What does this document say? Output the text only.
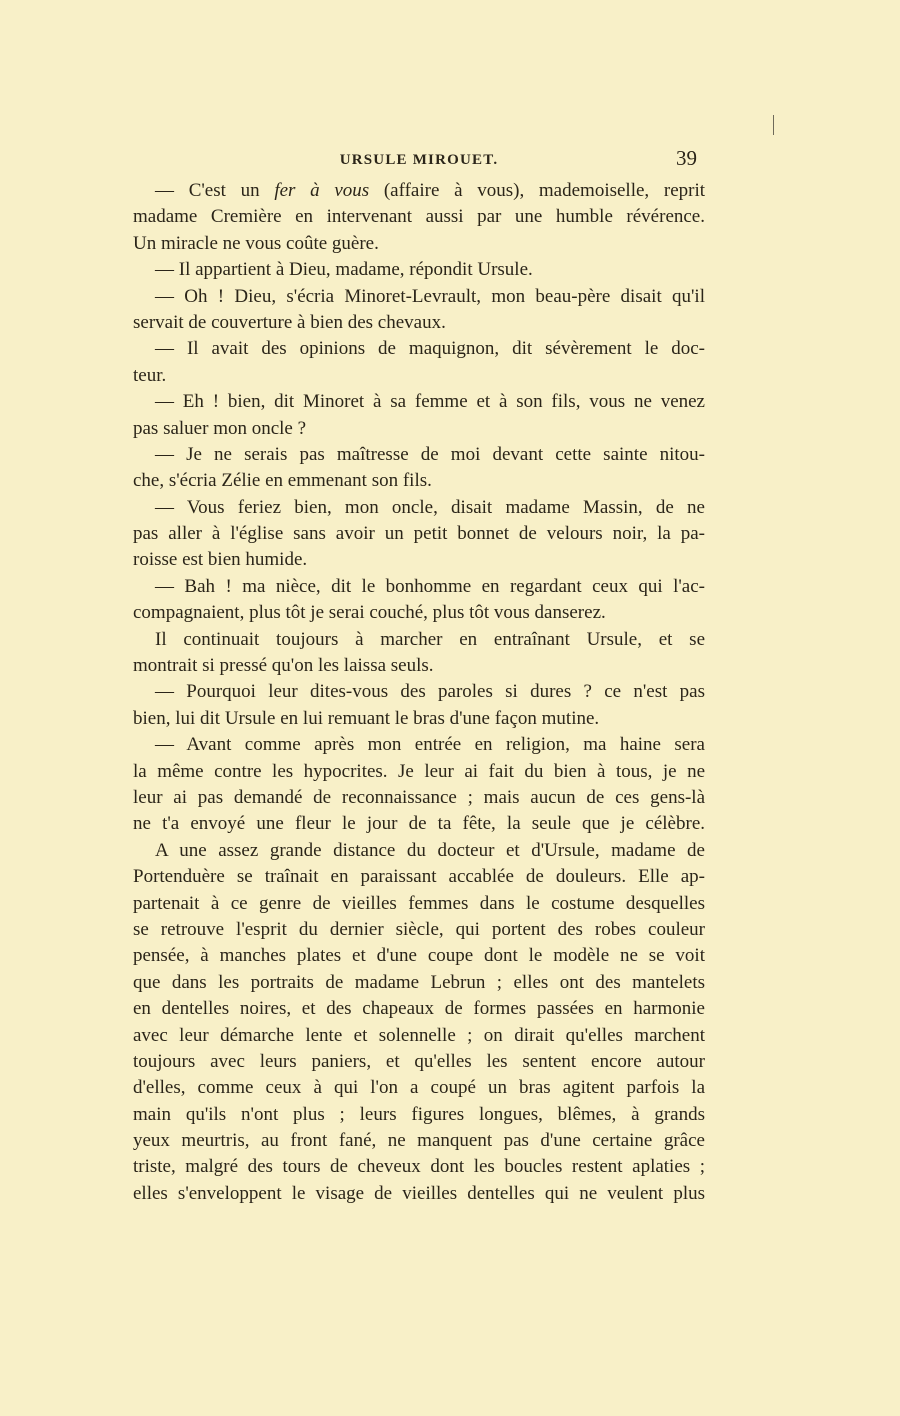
URSULE MIROUET.	39
— C'est un fer à vous (affaire à vous), mademoiselle, reprit
madame Cremière en intervenant aussi par une humble révérence.
Un miracle ne vous coûte guère.
— Il appartient à Dieu, madame, répondit Ursule.
— Oh ! Dieu, s'écria Minoret-Levrault, mon beau-père disait qu'il
servait de couverture à bien des chevaux.
— Il avait des opinions de maquignon, dit sévèrement le doc-
teur.
— Eh ! bien, dit Minoret à sa femme et à son fils, vous ne venez
pas saluer mon oncle ?
— Je ne serais pas maîtresse de moi devant cette sainte nitou-
che, s'écria Zélie en emmenant son fils.
— Vous feriez bien, mon oncle, disait madame Massin, de ne
pas aller à l'église sans avoir un petit bonnet de velours noir, la pa-
roisse est bien humide.
— Bah ! ma nièce, dit le bonhomme en regardant ceux qui l'ac-
compagnaient, plus tôt je serai couché, plus tôt vous danserez.
Il continuait toujours à marcher en entraînant Ursule, et se
montrait si pressé qu'on les laissa seuls.
— Pourquoi leur dites-vous des paroles si dures ? ce n'est pas
bien, lui dit Ursule en lui remuant le bras d'une façon mutine.
— Avant comme après mon entrée en religion, ma haine sera
la même contre les hypocrites. Je leur ai fait du bien à tous, je ne
leur ai pas demandé de reconnaissance ; mais aucun de ces gens-là
ne t'a envoyé une fleur le jour de ta fête, la seule que je célèbre.
A une assez grande distance du docteur et d'Ursule, madame de
Portenduère se traînait en paraissant accablée de douleurs. Elle ap-
partenait à ce genre de vieilles femmes dans le costume desquelles
se retrouve l'esprit du dernier siècle, qui portent des robes couleur
pensée, à manches plates et d'une coupe dont le modèle ne se voit
que dans les portraits de madame Lebrun ; elles ont des mantelets
en dentelles noires, et des chapeaux de formes passées en harmonie
avec leur démarche lente et solennelle ; on dirait qu'elles marchent
toujours avec leurs paniers, et qu'elles les sentent encore autour
d'elles, comme ceux à qui l'on a coupé un bras agitent parfois la
main qu'ils n'ont plus ; leurs figures longues, blêmes, à grands
yeux meurtris, au front fané, ne manquent pas d'une certaine grâce
triste, malgré des tours de cheveux dont les boucles restent aplaties ;
elles s'enveloppent le visage de vieilles dentelles qui ne veulent plus
